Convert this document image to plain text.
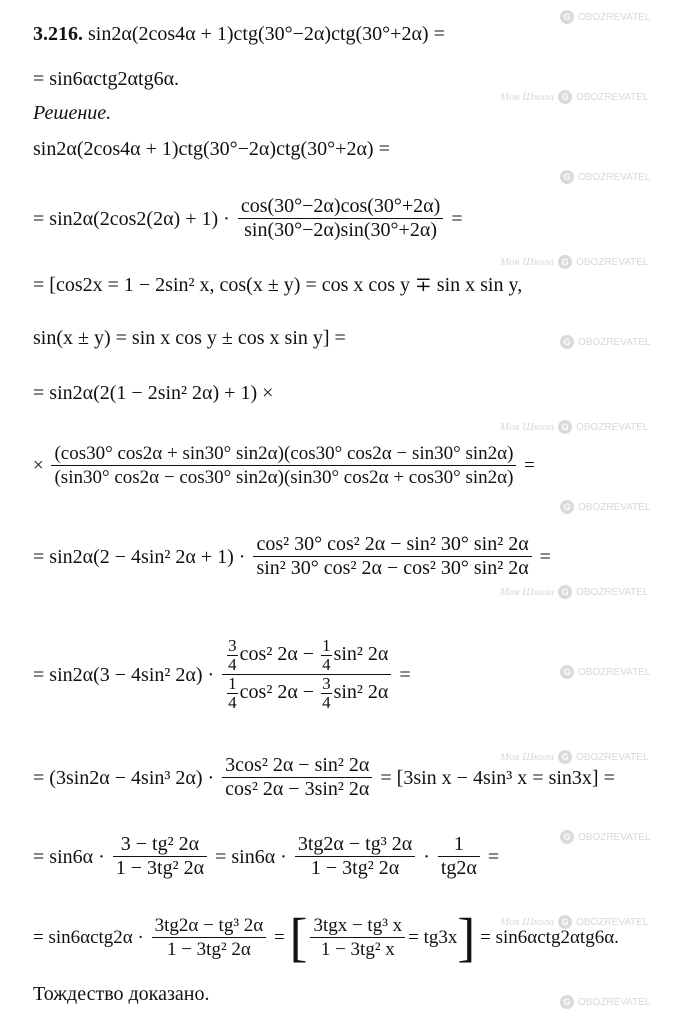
G OBOZREVATEL
Моя Школа G OBOZREVATEL
G OBOZREVATEL
Моя Школа G OBOZREVATEL
G OBOZREVATEL
Моя Школа G OBOZREVATEL
G OBOZREVATEL
Моя Школа G OBOZREVATEL
G OBOZREVATEL
Моя Школа G OBOZREVATEL
G OBOZREVATEL
Моя Школа G OBOZREVATEL
G OBOZREVATEL
3.216. sin2α(2cos4α + 1)ctg(30°−2α)ctg(30°+2α) =
= sin6αctg2αtg6α.
Решение.
sin2α(2cos4α + 1)ctg(30°−2α)ctg(30°+2α) =
= $\sin 2\alpha(2\cos 2(2\alpha) + 1) \cdot \frac{\cos(30^\circ-2\alpha)\cos(30^\circ+2\alpha)}{\sin(30^\circ-2\alpha)\sin(30^\circ+2\alpha)}$ =
= [cos2x = 1 − 2sin² x, cos(x ± y) = cos x cos y ∓ sin x sin y,
sin(x ± y) = sin x cos y ± cos x sin y] =
= sin2α(2(1 − 2sin² 2α) + 1) ×
× $\frac{(\cos 30^\circ \cos 2\alpha + \sin 30^\circ \sin 2\alpha)(\cos 30^\circ \cos 2\alpha - \sin 30^\circ \sin 2\alpha)}{(\sin 30^\circ \cos 2\alpha - \cos 30^\circ \sin 2\alpha)(\sin 30^\circ \cos 2\alpha + \cos 30^\circ \sin 2\alpha)}$ =
= sin2α(2 − 4sin² $2\alpha + 1) \cdot \frac{\text{cos² 30° cos² 2α − sin² 30° sin² 2α}}{\text{sin² 30° cos² 2α − cos² 30° sin² 2α}}$ =
= sin2α(3 − 4sin² $2\alpha) \cdot \frac{\frac{3}{4} \cos^2 2\alpha - \frac{1}{4} \sin^2 2\alpha}{\frac{1}{4} \cos^2 2\alpha - \frac{3}{4} \sin^2 2\alpha}$ =
= (3sin2α − 4sin³ $2\alpha) \cdot \frac{\text{3cos² 2α − sin² 2α}}{\text{cos² 2α − 3sin² 2α}} = [3\sin$ x − 4sin³ x = sin3x] =
= $\sin 6\alpha \cdot \frac{\text{3 − tg² 2α}}{\text{1 − 3tg² 2α}} = \sin 6\alpha \cdot \frac{\text{3tg2α − tg³ 2α}}{\text{1 − 3tg² 2α}} \cdot \frac{1}{tg2\alpha}$ =
= $\sin 6\alpha ctg2\alpha \cdot \frac{\text{3tg2α − tg³ 2α}}{\text{1 − 3tg² 2α}}$ = [ $\frac{\text{3tgx − tg³ x}}{\text{1 − 3tg² x}} = tg3x] = \sin 6\alpha ctg2\alpha tg6\alpha$.
Тождество доказано.
